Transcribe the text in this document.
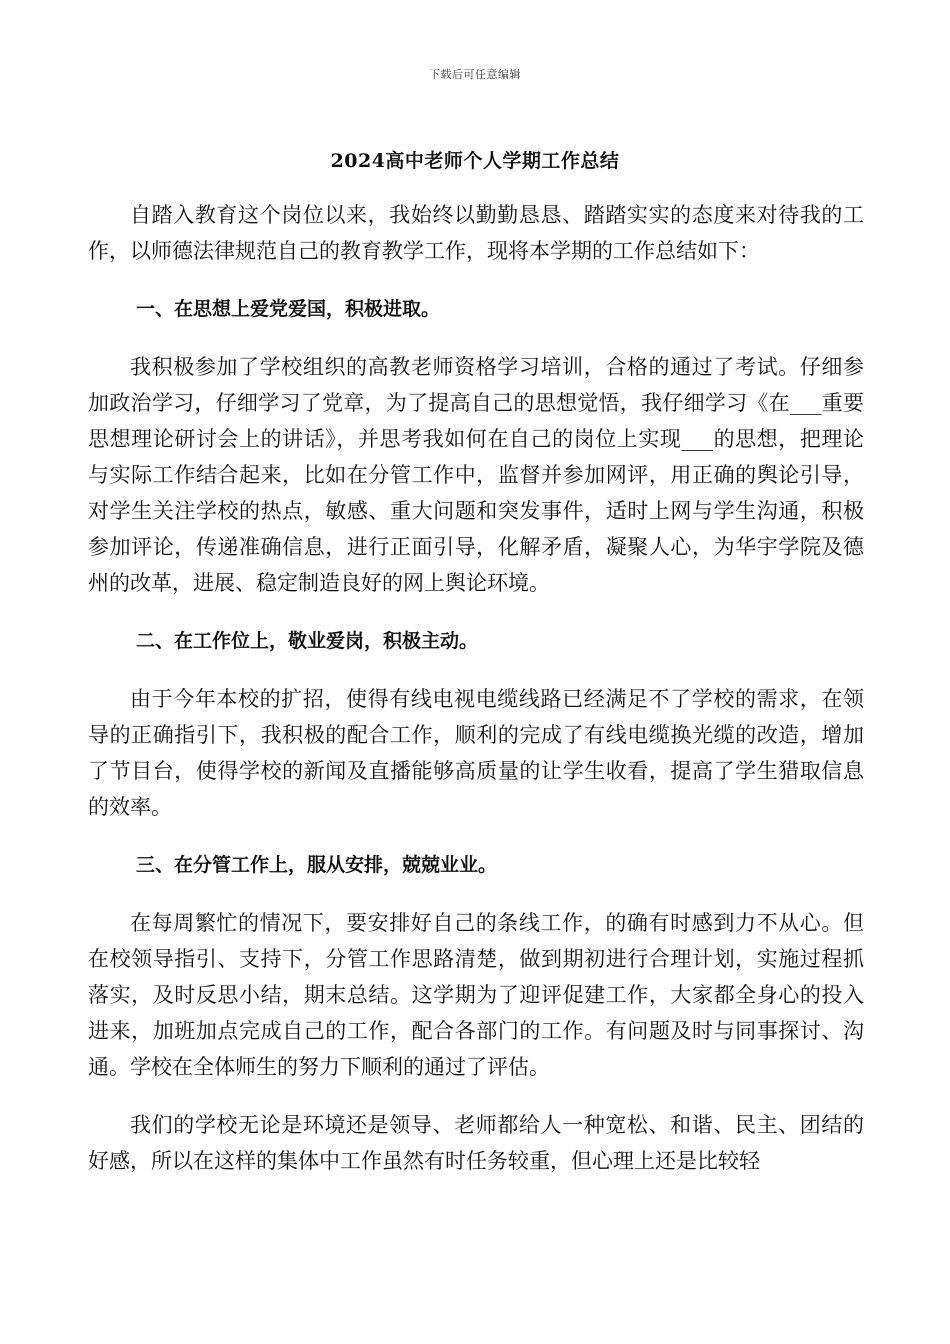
下载后可任意编辑
2024高中老师个人学期工作总结

自踏入教育这个岗位以来，我始终以勤勤恳恳、踏踏实实的态度来对待我的工作，以师德法律规范自己的教育教学工作，现将本学期的工作总结如下：

一、在思想上爱党爱国，积极进取。

我积极参加了学校组织的高教老师资格学习培训，合格的通过了考试。仔细参加政治学习，仔细学习了党章，为了提高自己的思想觉悟，我仔细学习《在___重要思想理论研讨会上的讲话》，并思考我如何在自己的岗位上实现___的思想，把理论与实际工作结合起来，比如在分管工作中，监督并参加网评，用正确的舆论引导，对学生关注学校的热点，敏感、重大问题和突发事件，适时上网与学生沟通，积极参加评论，传递准确信息，进行正面引导，化解矛盾，凝聚人心，为华宇学院及德州的改革，进展、稳定制造良好的网上舆论环境。

二、在工作位上，敬业爱岗，积极主动。

由于今年本校的扩招，使得有线电视电缆线路已经满足不了学校的需求，在领导的正确指引下，我积极的配合工作，顺利的完成了有线电缆换光缆的改造，增加了节目台，使得学校的新闻及直播能够高质量的让学生收看，提高了学生猎取信息的效率。

三、在分管工作上，服从安排，兢兢业业。

在每周繁忙的情况下，要安排好自己的条线工作，的确有时感到力不从心。但在校领导指引、支持下，分管工作思路清楚，做到期初进行合理计划，实施过程抓落实，及时反思小结，期末总结。这学期为了迎评促建工作，大家都全身心的投入进来，加班加点完成自己的工作，配合各部门的工作。有问题及时与同事探讨、沟通。学校在全体师生的努力下顺利的通过了评估。

我们的学校无论是环境还是领导、老师都给人一种宽松、和谐、民主、团结的好感，所以在这样的集体中工作虽然有时任务较重，但心理上还是比较轻
